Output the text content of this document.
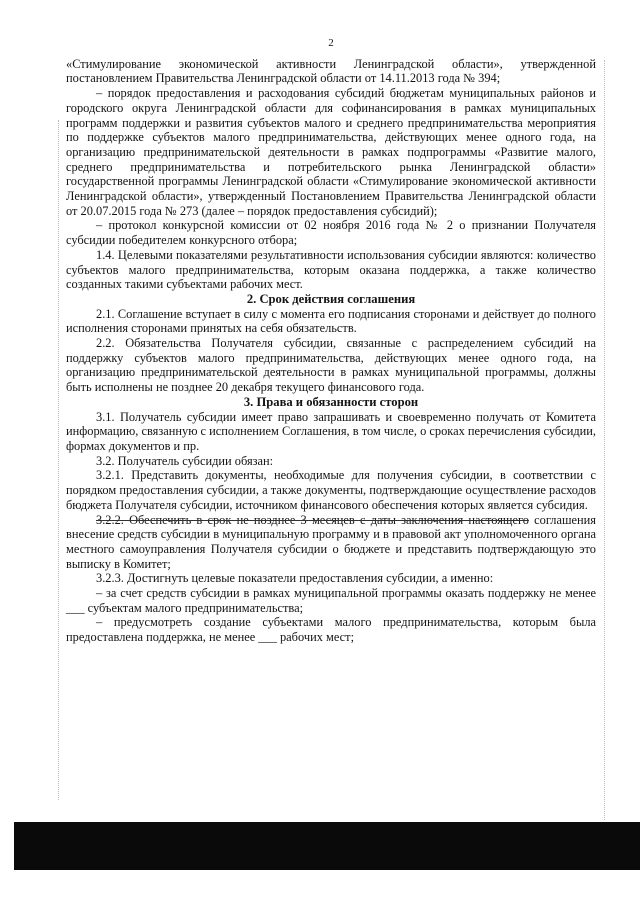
2

«Стимулирование экономической активности Ленинградской области», утвержденной постановлением Правительства Ленинградской области от 14.11.2013 года № 394;

– порядок предоставления и расходования субсидий бюджетам муниципальных районов и городского округа Ленинградской области для софинансирования в рамках муниципальных программ поддержки и развития субъектов малого и среднего предпринимательства мероприятия по поддержке субъектов малого предпринимательства, действующих менее одного года, на организацию предпринимательской деятельности в рамках подпрограммы «Развитие малого, среднего предпринимательства и потребительского рынка Ленинградской области» государственной программы Ленинградской области «Стимулирование экономической активности Ленинградской области», утвержденный Постановлением Правительства Ленинградской области от 20.07.2015 года № 273 (далее – порядок предоставления субсидий);

– протокол конкурсной комиссии от 02 ноября 2016 года № 2 о признании Получателя субсидии победителем конкурсного отбора;

1.4. Целевыми показателями результативности использования субсидии являются: количество субъектов малого предпринимательства, которым оказана поддержка, а также количество созданных такими субъектами рабочих мест.

2. Срок действия соглашения

2.1. Соглашение вступает в силу с момента его подписания сторонами и действует до полного исполнения сторонами принятых на себя обязательств.

2.2. Обязательства Получателя субсидии, связанные с распределением субсидий на поддержку субъектов малого предпринимательства, действующих менее одного года, на организацию предпринимательской деятельности в рамках муниципальной программы, должны быть исполнены не позднее 20 декабря текущего финансового года.

3. Права и обязанности сторон

3.1. Получатель субсидии имеет право запрашивать и своевременно получать от Комитета информацию, связанную с исполнением Соглашения, в том числе, о сроках перечисления субсидии, формах документов и пр.

3.2. Получатель субсидии обязан:

3.2.1. Представить документы, необходимые для получения субсидии, в соответствии с порядком предоставления субсидии, а также документы, подтверждающие осуществление расходов бюджета Получателя субсидии, источником финансового обеспечения которых является субсидия.

3.2.2. Обеспечить в срок не позднее 3 месяцев с даты заключения настоящего соглашения внесение средств субсидии в муниципальную программу и в правовой акт уполномоченного органа местного самоуправления Получателя субсидии о бюджете и представить подтверждающую это выписку в Комитет;

3.2.3. Достигнуть целевые показатели предоставления субсидии, а именно:

– за счет средств субсидии в рамках муниципальной программы оказать поддержку не менее ___ субъектам малого предпринимательства;

– предусмотреть создание субъектами малого предпринимательства, которым была предоставлена поддержка, не менее ___ рабочих мест;
